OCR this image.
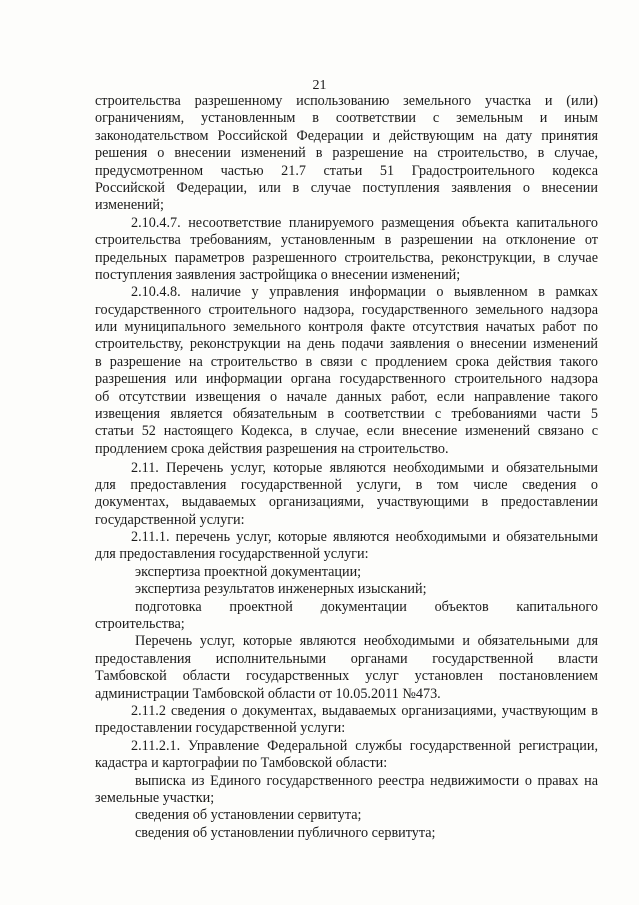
21
строительства разрешенному использованию земельного участка и (или)
ограничениям, установленным в соответствии с земельным и иным
законодательством Российской Федерации и действующим на дату принятия
решения о внесении изменений в разрешение на строительство, в случае,
предусмотренном частью 21.7 статьи 51 Градостроительного кодекса
Российской Федерации, или в случае поступления заявления о внесении
изменений;
2.10.4.7. несоответствие планируемого размещения объекта капитального
строительства требованиям, установленным в разрешении на отклонение от
предельных параметров разрешенного строительства, реконструкции, в случае
поступления заявления застройщика о внесении изменений;
2.10.4.8. наличие у управления информации о выявленном в рамках
государственного строительного надзора, государственного земельного надзора
или муниципального земельного контроля факте отсутствия начатых работ по
строительству, реконструкции на день подачи заявления о внесении изменений
в разрешение на строительство в связи с продлением срока действия такого
разрешения или информации органа государственного строительного надзора
об отсутствии извещения о начале данных работ, если направление такого
извещения является обязательным в соответствии с требованиями части 5
статьи 52 настоящего Кодекса, в случае, если внесение изменений связано с
продлением срока действия разрешения на строительство.
2.11. Перечень услуг, которые являются необходимыми и обязательными
для предоставления государственной услуги, в том числе сведения о
документах, выдаваемых организациями, участвующими в предоставлении
государственной услуги:
2.11.1. перечень услуг, которые являются необходимыми и обязательными
для предоставления государственной услуги:
экспертиза проектной документации;
экспертиза результатов инженерных изысканий;
подготовка проектной документации объектов капитального
строительства;
Перечень услуг, которые являются необходимыми и обязательными для
предоставления исполнительными органами государственной власти
Тамбовской области государственных услуг установлен постановлением
администрации Тамбовской области от 10.05.2011 №473.
2.11.2 сведения о документах, выдаваемых организациями, участвующим в
предоставлении государственной услуги:
2.11.2.1. Управление Федеральной службы государственной регистрации,
кадастра и картографии по Тамбовской области:
выписка из Единого государственного реестра недвижимости о правах на
земельные участки;
сведения об установлении сервитута;
сведения об установлении публичного сервитута;
